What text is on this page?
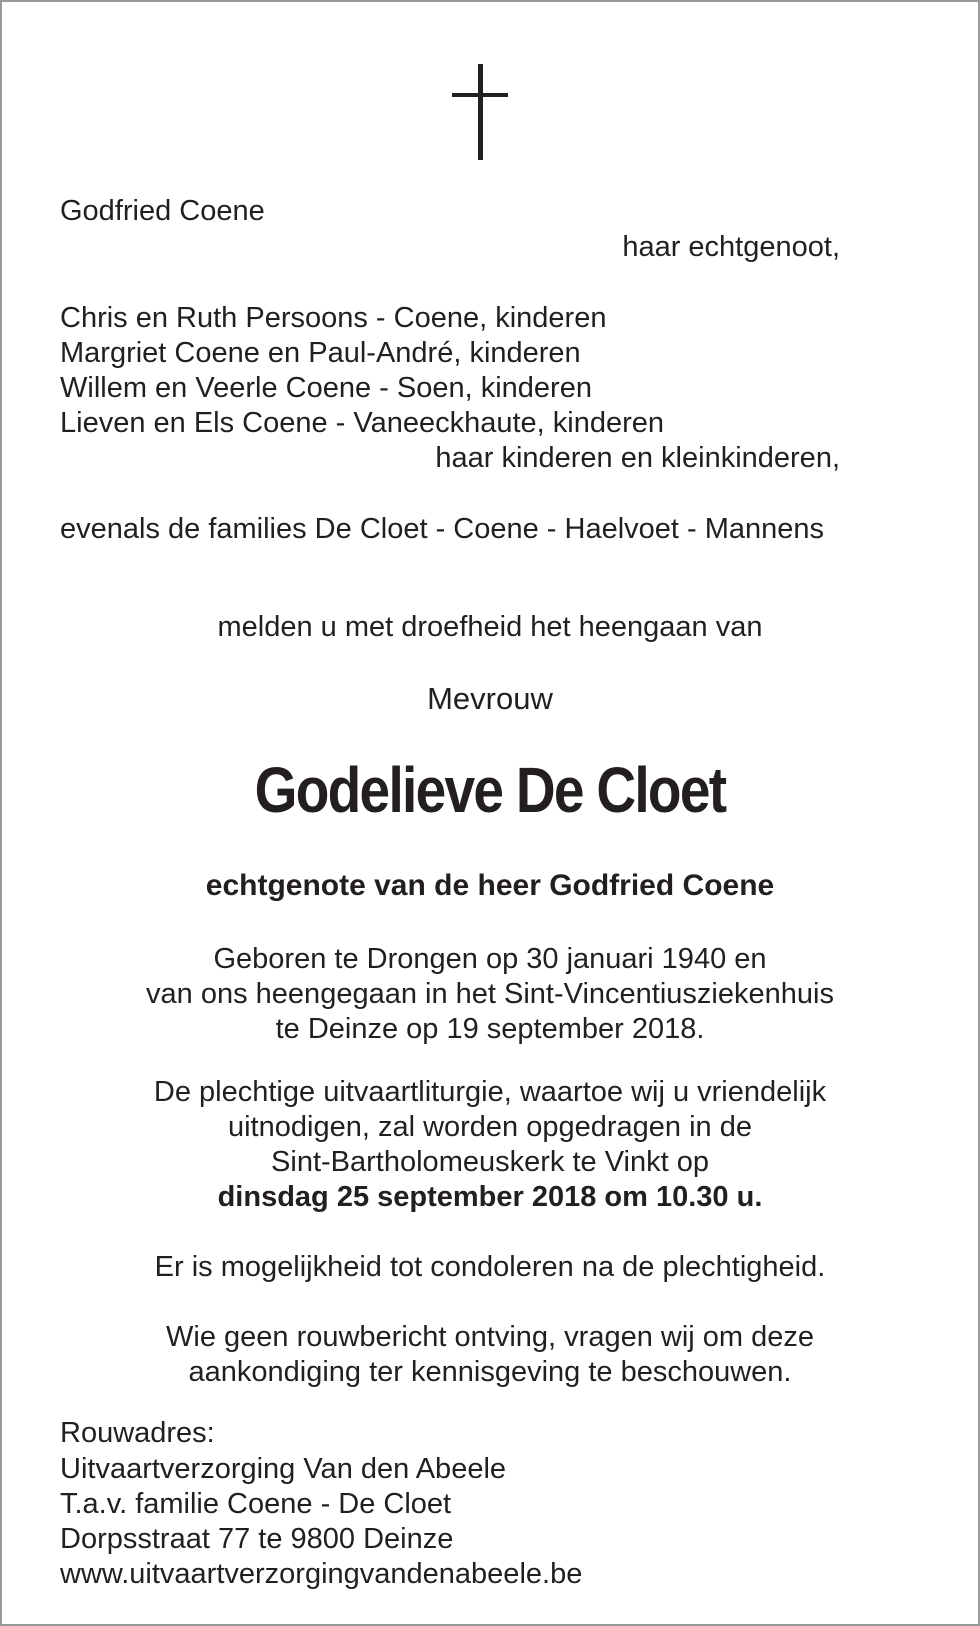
Godfried Coene

haar echtgenoot,

Chris en Ruth Persoons - Coene, kinderen

Margriet Coene en Paul-André, kinderen

Willem en Veerle Coene - Soen, kinderen

Lieven en Els Coene - Vaneeckhaute, kinderen

haar kinderen en kleinkinderen,

evenals de families De Cloet - Coene - Haelvoet - Mannens

melden u met droefheid het heengaan van

Mevrouw

Godelieve De Cloet

echtgenote van de heer Godfried Coene

Geboren te Drongen op 30 januari 1940 en

van ons heengegaan in het Sint-Vincentiusziekenhuis

te Deinze op 19 september 2018.

De plechtige uitvaartliturgie, waartoe wij u vriendelijk

uitnodigen, zal worden opgedragen in de

Sint-Bartholomeuskerk te Vinkt op

dinsdag 25 september 2018 om 10.30 u.

Er is mogelijkheid tot condoleren na de plechtigheid.

Wie geen rouwbericht ontving, vragen wij om deze

aankondiging ter kennisgeving te beschouwen.

Rouwadres:

Uitvaartverzorging Van den Abeele

T.a.v. familie Coene - De Cloet

Dorpsstraat 77 te 9800 Deinze

www.uitvaartverzorgingvandenabeele.be
